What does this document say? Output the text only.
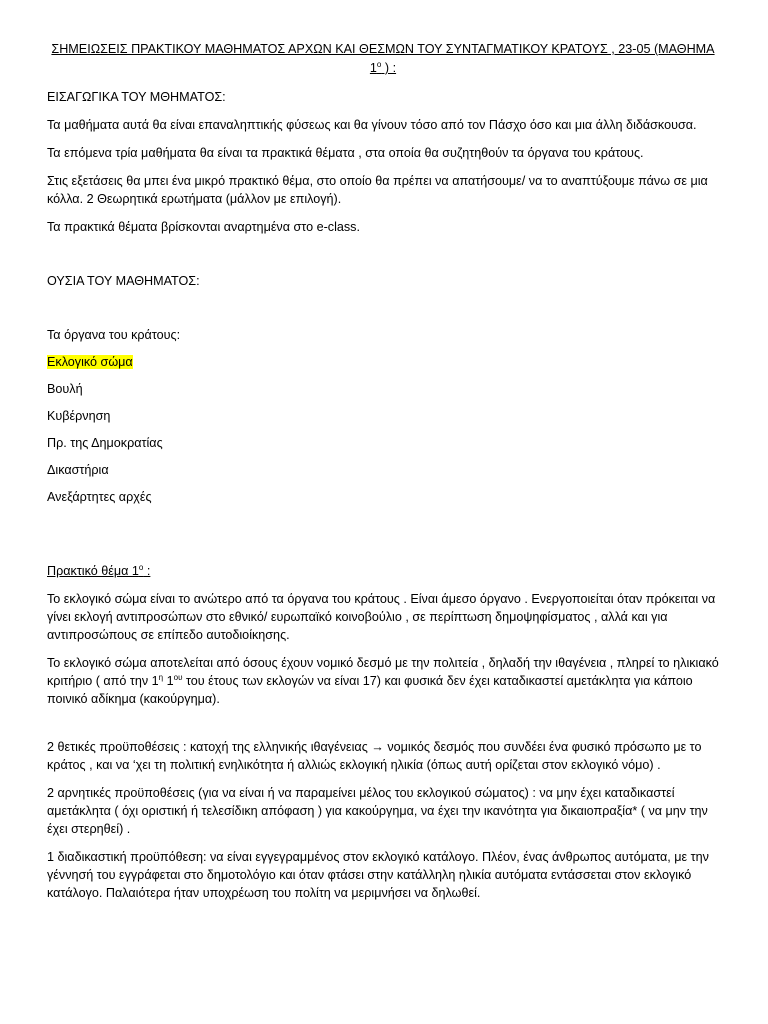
ΣΗΜΕΙΩΣΕΙΣ ΠΡΑΚΤΙΚΟΥ ΜΑΘΗΜΑΤΟΣ ΑΡΧΩΝ ΚΑΙ ΘΕΣΜΩΝ ΤΟΥ ΣΥΝΤΑΓΜΑΤΙΚΟΥ ΚΡΑΤΟΥΣ , 23-05 (ΜΑΘΗΜΑ
$1^o$ ) :

ΕΙΣΑΓΩΓΙΚΑ ΤΟΥ ΜΘΗΜΑΤΟΣ:

Τα μαθήματα αυτά θα είναι επαναληπτικής φύσεως και θα γίνουν τόσο από τον Πάσχο όσο και μια άλλη διδάσκουσα.

Τα επόμενα τρία μαθήματα θα είναι τα πρακτικά θέματα , στα οποία θα συζητηθούν τα όργανα του κράτους.

Στις εξετάσεις θα μπει ένα μικρό πρακτικό θέμα, στο οποίο θα πρέπει να απατήσουμε/ να το αναπτύξουμε πάνω σε μια κόλλα. 2 Θεωρητικά ερωτήματα (μάλλον με επιλογή).

Τα πρακτικά θέματα βρίσκονται αναρτημένα στο e-class.

ΟΥΣΙΑ ΤΟΥ ΜΑΘΗΜΑΤΟΣ:

Τα όργανα του κράτους:

Εκλογικό σώμα

Βουλή

Κυβέρνηση

Πρ. της Δημοκρατίας

Δικαστήρια

Ανεξάρτητες αρχές

Πρακτικό θέμα $1^o$ :

Το εκλογικό σώμα είναι το ανώτερο από τα όργανα του κράτους . Είναι άμεσο όργανο . Ενεργοποιείται όταν πρόκειται να γίνει εκλογή αντιπροσώπων στο εθνικό/ ευρωπαϊκό κοινοβούλιο , σε περίπτωση δημοψηφίσματος , αλλά και για αντιπροσώπους σε επίπεδο αυτοδιοίκησης.

Το εκλογικό σώμα αποτελείται από όσους έχουν νομικό δεσμό με την πολιτεία , δηλαδή την ιθαγένεια , πληρεί το ηλικιακό κριτήριο ( από την $1^\eta$ $1^{o\upsilon}$ του έτους των εκλογών να είναι 17) και φυσικά δεν έχει καταδικαστεί αμετάκλητα για κάποιο ποινικό αδίκημα (κακούργημα).

2 θετικές προϋποθέσεις : κατοχή της ελληνικής ιθαγένειας → νομικός δεσμός που συνδέει ένα φυσικό πρόσωπο με το κράτος , και να ‘χει τη πολιτική ενηλικότητα ή αλλιώς εκλογική ηλικία (όπως αυτή ορίζεται στον εκλογικό νόμο) .

2 αρνητικές προϋποθέσεις (για να είναι ή να παραμείνει μέλος του εκλογικού σώματος) : να μην έχει καταδικαστεί αμετάκλητα ( όχι οριστική ή τελεσίδικη απόφαση ) για κακούργημα, να έχει την ικανότητα για δικαιοπραξία* ( να μην την έχει στερηθεί) .

1 διαδικαστική προϋπόθεση: να είναι εγγεγραμμένος στον εκλογικό κατάλογο. Πλέον, ένας άνθρωπος αυτόματα, με την γέννησή του εγγράφεται στο δημοτολόγιο και όταν φτάσει στην κατάλληλη ηλικία αυτόματα εντάσσεται στον εκλογικό κατάλογο. Παλαιότερα ήταν υποχρέωση του πολίτη να μεριμνήσει να δηλωθεί.
